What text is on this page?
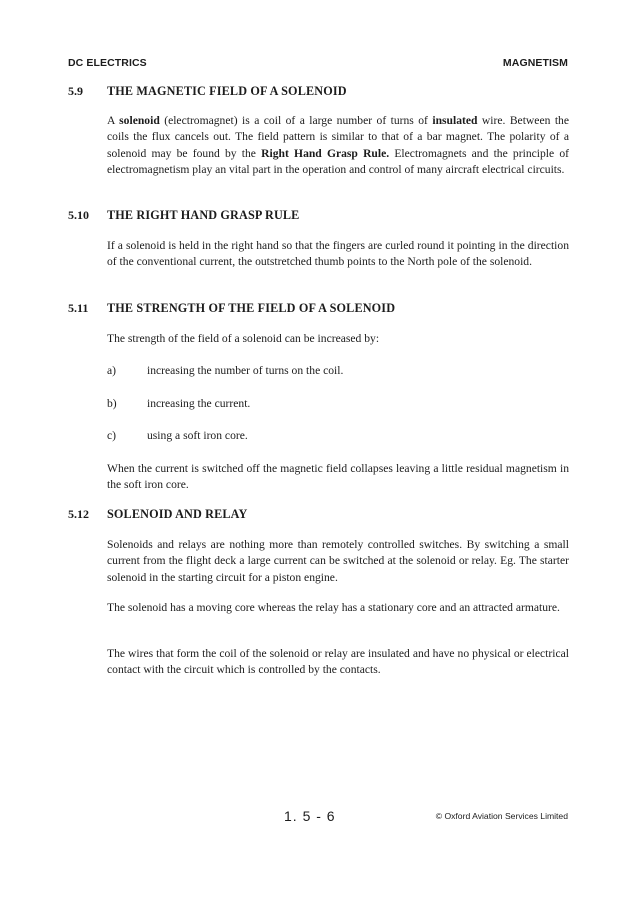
DC ELECTRICS	MAGNETISM
5.9 THE MAGNETIC FIELD OF A SOLENOID
A solenoid (electromagnet) is a coil of a large number of turns of insulated wire. Between the coils the flux cancels out. The field pattern is similar to that of a bar magnet. The polarity of a solenoid may be found by the Right Hand Grasp Rule. Electromagnets and the principle of electromagnetism play an vital part in the operation and control of many aircraft electrical circuits.
5.10 THE RIGHT HAND GRASP RULE
If a solenoid is held in the right hand so that the fingers are curled round it pointing in the direction of the conventional current, the outstretched thumb points to the North pole of the solenoid.
5.11 THE STRENGTH OF THE FIELD OF A SOLENOID
The strength of the field of a solenoid can be increased by:
a)	increasing the number of turns on the coil.
b)	increasing the current.
c)	using a soft iron core.
When the current is switched off the magnetic field collapses leaving a little residual magnetism in the soft iron core.
5.12 SOLENOID AND RELAY
Solenoids and relays are nothing more than remotely controlled switches. By switching a small current from the flight deck a large current can be switched at the solenoid or relay. Eg. The starter solenoid in the starting circuit for a piston engine.
The solenoid has a moving core whereas the relay has a stationary core and an attracted armature.
The wires that form the coil of the solenoid or relay are insulated and have no physical or electrical contact with the circuit which is controlled by the contacts.
1. 5 - 6	© Oxford Aviation Services Limited
